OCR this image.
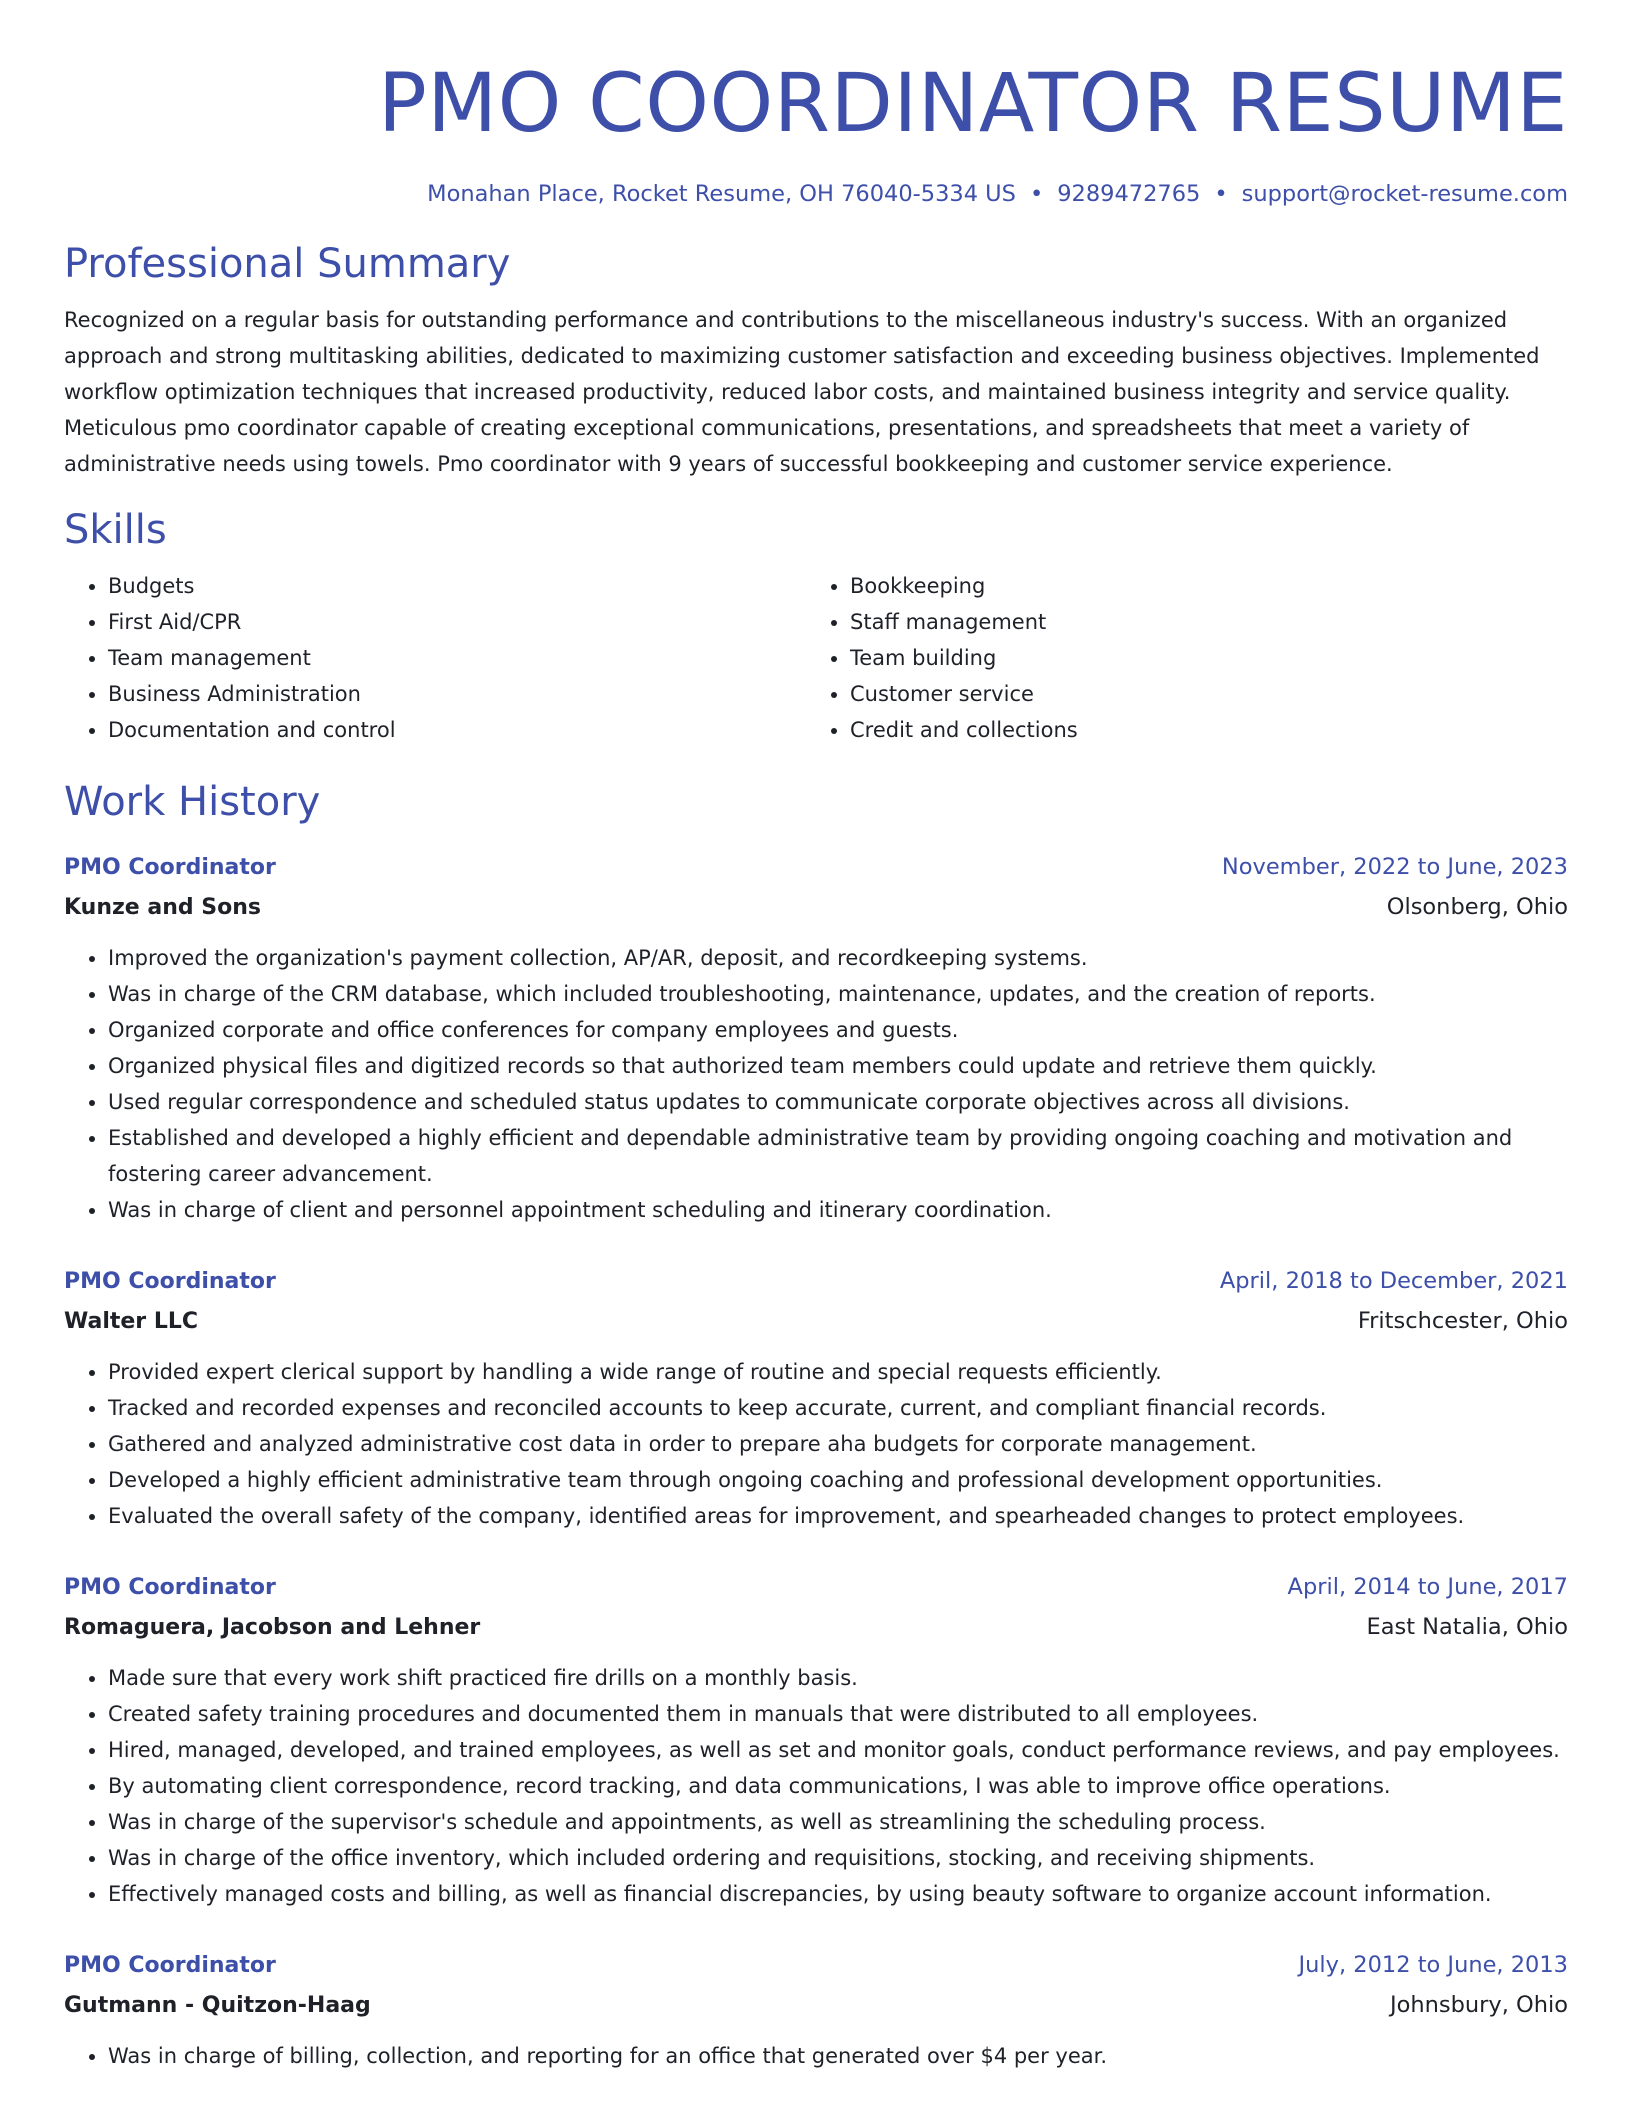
PMO COORDINATOR RESUME
Monahan Place, Rocket Resume, OH 76040-5334 US • 9289472765 • support@rocket-resume.com
Professional Summary
Recognized on a regular basis for outstanding performance and contributions to the miscellaneous industry's success. With an organized approach and strong multitasking abilities, dedicated to maximizing customer satisfaction and exceeding business objectives. Implemented workflow optimization techniques that increased productivity, reduced labor costs, and maintained business integrity and service quality. Meticulous pmo coordinator capable of creating exceptional communications, presentations, and spreadsheets that meet a variety of administrative needs using towels. Pmo coordinator with 9 years of successful bookkeeping and customer service experience.
Skills
• Budgets
• First Aid/CPR
• Team management
• Business Administration
• Documentation and control
• Bookkeeping
• Staff management
• Team building
• Customer service
• Credit and collections
Work History
PMO Coordinator	November, 2022 to June, 2023
Kunze and Sons	Olsonberg, Ohio
• Improved the organization's payment collection, AP/AR, deposit, and recordkeeping systems.
• Was in charge of the CRM database, which included troubleshooting, maintenance, updates, and the creation of reports.
• Organized corporate and office conferences for company employees and guests.
• Organized physical files and digitized records so that authorized team members could update and retrieve them quickly.
• Used regular correspondence and scheduled status updates to communicate corporate objectives across all divisions.
• Established and developed a highly efficient and dependable administrative team by providing ongoing coaching and motivation and fostering career advancement.
• Was in charge of client and personnel appointment scheduling and itinerary coordination.
PMO Coordinator	April, 2018 to December, 2021
Walter LLC	Fritschcester, Ohio
• Provided expert clerical support by handling a wide range of routine and special requests efficiently.
• Tracked and recorded expenses and reconciled accounts to keep accurate, current, and compliant financial records.
• Gathered and analyzed administrative cost data in order to prepare aha budgets for corporate management.
• Developed a highly efficient administrative team through ongoing coaching and professional development opportunities.
• Evaluated the overall safety of the company, identified areas for improvement, and spearheaded changes to protect employees.
PMO Coordinator	April, 2014 to June, 2017
Romaguera, Jacobson and Lehner	East Natalia, Ohio
• Made sure that every work shift practiced fire drills on a monthly basis.
• Created safety training procedures and documented them in manuals that were distributed to all employees.
• Hired, managed, developed, and trained employees, as well as set and monitor goals, conduct performance reviews, and pay employees.
• By automating client correspondence, record tracking, and data communications, I was able to improve office operations.
• Was in charge of the supervisor's schedule and appointments, as well as streamlining the scheduling process.
• Was in charge of the office inventory, which included ordering and requisitions, stocking, and receiving shipments.
• Effectively managed costs and billing, as well as financial discrepancies, by using beauty software to organize account information.
PMO Coordinator	July, 2012 to June, 2013
Gutmann - Quitzon-Haag	Johnsbury, Ohio
• Was in charge of billing, collection, and reporting for an office that generated over $4 per year.
